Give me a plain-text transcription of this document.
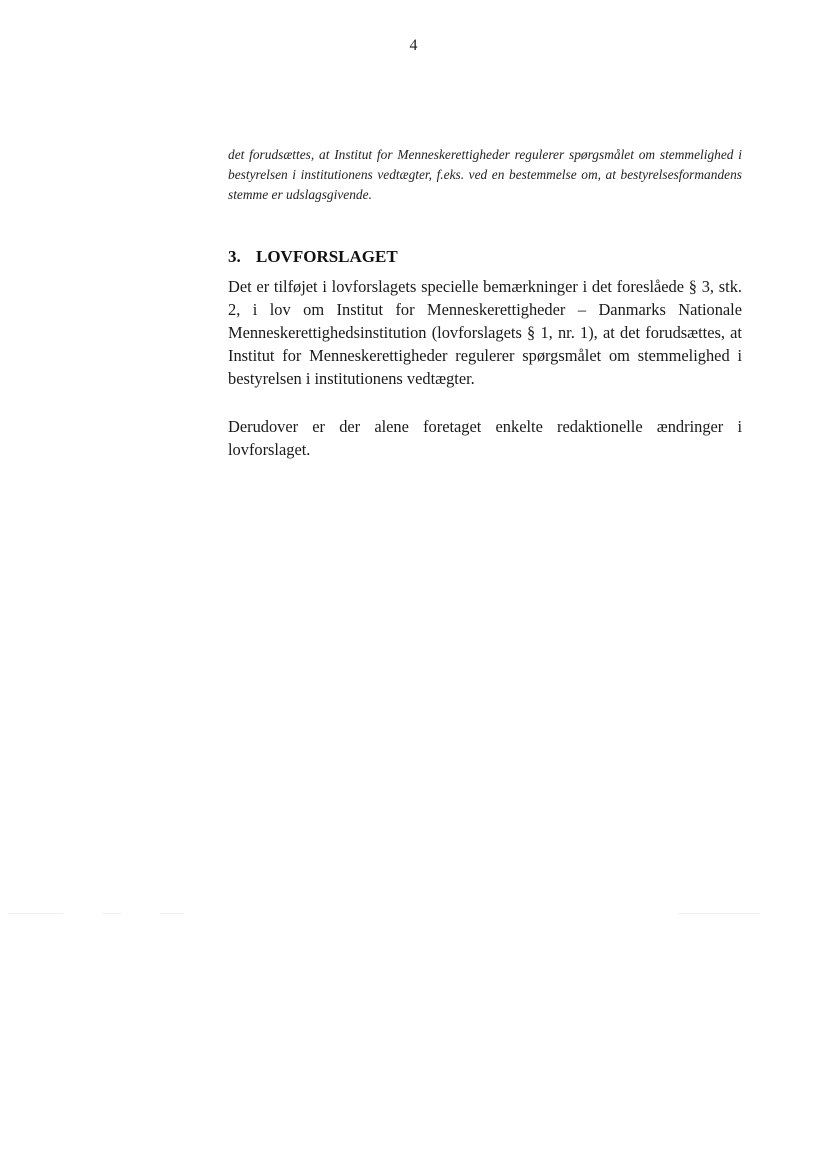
4

det forudsættes, at Institut for Menneskerettigheder regulerer spørgsmålet om stemmelighed i bestyrelsen i institutionens vedtægter, f.eks. ved en bestemmelse om, at bestyrelsesformandens stemme er udslagsgivende.

3. LOVFORSLAGET

Det er tilføjet i lovforslagets specielle bemærkninger i det foreslåede § 3, stk. 2, i lov om Institut for Menneskerettigheder – Danmarks Nationale Menneskerettighedsinstitution (lovforslagets § 1, nr. 1), at det forudsættes, at Institut for Menneskerettigheder regulerer spørgsmålet om stemmelighed i bestyrelsen i institutionens vedtægter.

Derudover er der alene foretaget enkelte redaktionelle ændringer i lovforslaget.
